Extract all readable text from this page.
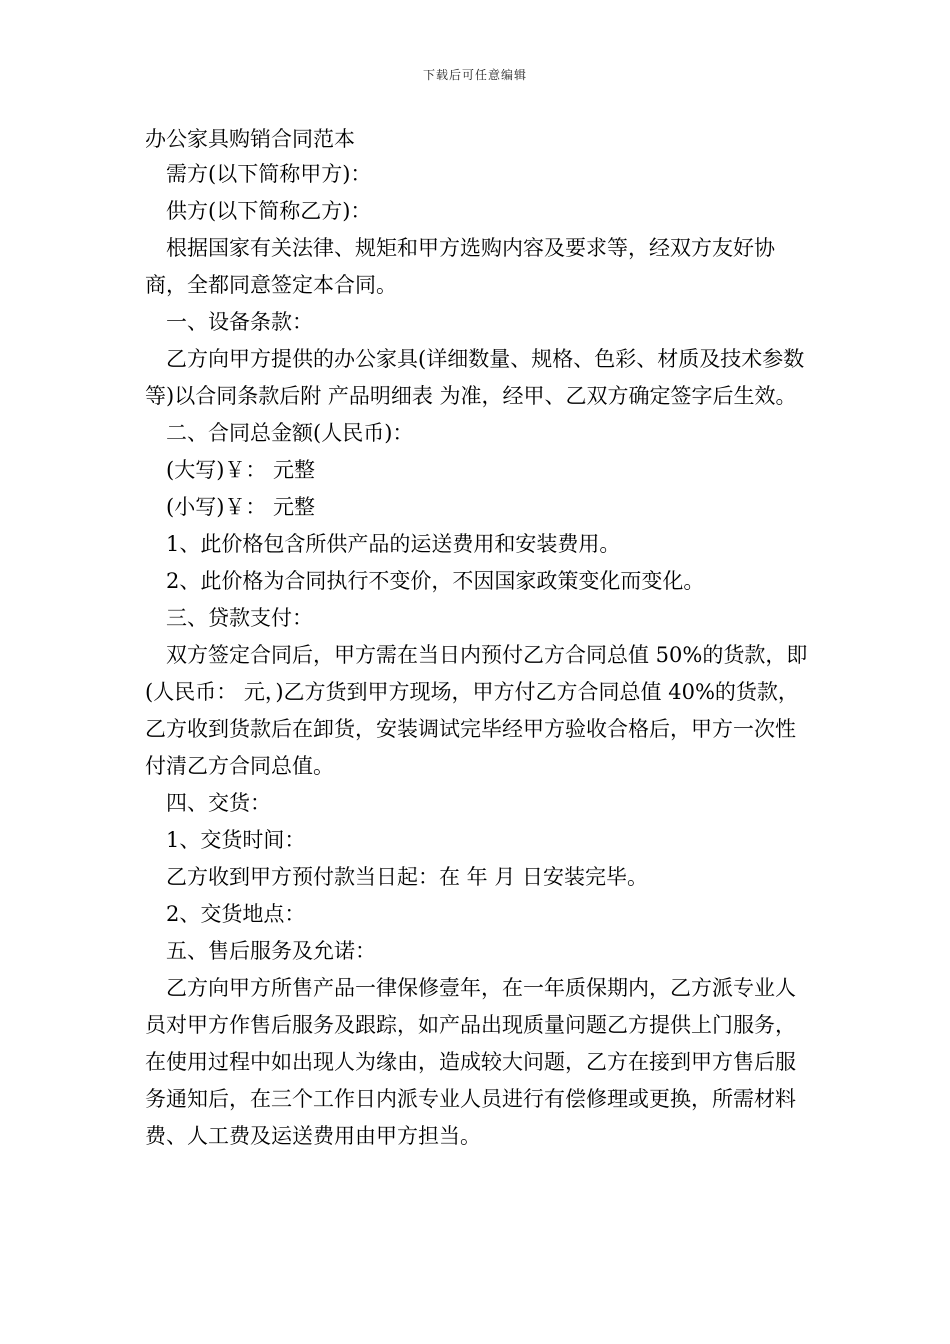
下载后可任意编辑
办公家具购销合同范本

需方(以下简称甲方)：

供方(以下简称乙方)：

根据国家有关法律、规矩和甲方选购内容及要求等，经双方友好协商，全都同意签定本合同。

一、设备条款：

乙方向甲方提供的办公家具(详细数量、规格、色彩、材质及技术参数等)以合同条款后附 产品明细表 为准，经甲、乙双方确定签字后生效。

二、合同总金额(人民币)：

(大写)￥： 元整

(小写)￥： 元整

1、此价格包含所供产品的运送费用和安装费用。

2、此价格为合同执行不变价，不因国家政策变化而变化。

三、贷款支付：

双方签定合同后，甲方需在当日内预付乙方合同总值 50%的货款，即(人民币： 元，)乙方货到甲方现场，甲方付乙方合同总值 40%的货款，乙方收到货款后在卸货，安装调试完毕经甲方验收合格后，甲方一次性付清乙方合同总值。

四、交货：

1、交货时间：

乙方收到甲方预付款当日起：在 年 月 日安装完毕。

2、交货地点：

五、售后服务及允诺：

乙方向甲方所售产品一律保修壹年，在一年质保期内，乙方派专业人员对甲方作售后服务及跟踪，如产品出现质量问题乙方提供上门服务，在使用过程中如出现人为缘由，造成较大问题，乙方在接到甲方售后服务通知后，在三个工作日内派专业人员进行有偿修理或更换，所需材料费、人工费及运送费用由甲方担当。
